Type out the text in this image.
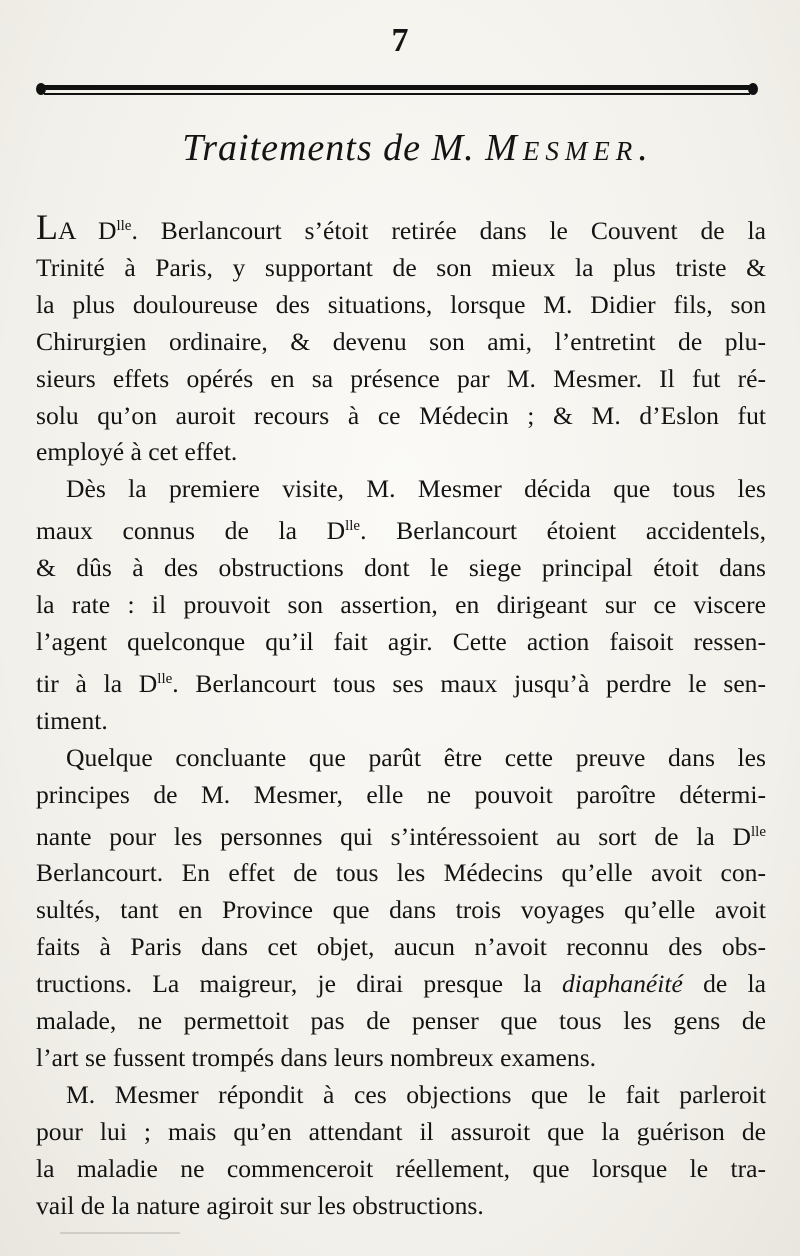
7
Traitements de M. Mesmer.

LA $D^{lle}$. Berlancourt s’étoit retirée dans le Couvent de la
Trinité à Paris, y supportant de son mieux la plus triste &
la plus douloureuse des situations, lorsque M. Didier fils, son
Chirurgien ordinaire, & devenu son ami, l’entretint de plu-
sieurs effets opérés en sa présence par M. Mesmer. Il fut ré-
solu qu’on auroit recours à ce Médecin ; & M. d’Eslon fut
employé à cet effet.

Dès la premiere visite, M. Mesmer décida que tous les
maux connus de la $D^{lle}$. Berlancourt étoient accidentels,
& dûs à des obstructions dont le siege principal étoit dans
la rate : il prouvoit son assertion, en dirigeant sur ce viscere
l’agent quelconque qu’il fait agir. Cette action faisoit ressen-
tir à la $D^{lle}$. Berlancourt tous ses maux jusqu’à perdre le sen-
timent.

Quelque concluante que parût être cette preuve dans les
principes de M. Mesmer, elle ne pouvoit paroître détermi-
nante pour les personnes qui s’intéressoient au sort de la $D^{lle}$
Berlancourt. En effet de tous les Médecins qu’elle avoit con-
sultés, tant en Province que dans trois voyages qu’elle avoit
faits à Paris dans cet objet, aucun n’avoit reconnu des obs-
tructions. La maigreur, je dirai presque la diaphanéité de la
malade, ne permettoit pas de penser que tous les gens de
l’art se fussent trompés dans leurs nombreux examens.

M. Mesmer répondit à ces objections que le fait parleroit
pour lui ; mais qu’en attendant il assuroit que la guérison de
la maladie ne commenceroit réellement, que lorsque le tra-
vail de la nature agiroit sur les obstructions.
